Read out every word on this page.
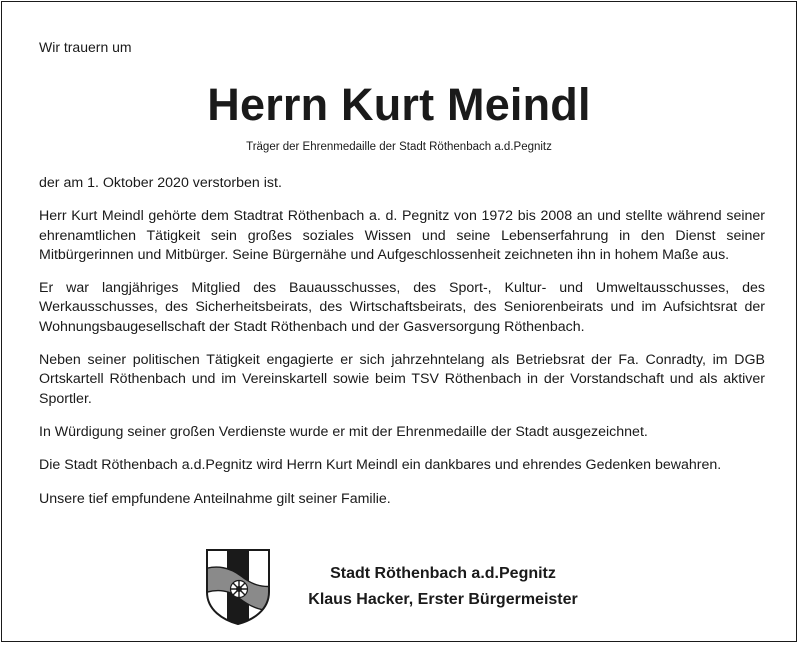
Wir trauern um
Herrn Kurt Meindl
Träger der Ehrenmedaille der Stadt Röthenbach a.d.Pegnitz

der am 1. Oktober 2020 verstorben ist.

Herr Kurt Meindl gehörte dem Stadtrat Röthenbach a. d. Pegnitz von 1972 bis 2008 an und stellte während seiner ehrenamtlichen Tätigkeit sein großes soziales Wissen und seine Lebenserfahrung in den Dienst seiner Mitbürgerinnen und Mitbürger. Seine Bürgernähe und Aufgeschlossenheit zeichneten ihn in hohem Maße aus.

Er war langjähriges Mitglied des Bauausschusses, des Sport-, Kultur- und Umweltausschusses, des Werkausschusses, des Sicherheitsbeirats, des Wirtschaftsbeirats, des Seniorenbeirats und im Aufsichtsrat der Wohnungsbaugesellschaft der Stadt Röthenbach und der Gasversorgung Röthenbach.

Neben seiner politischen Tätigkeit engagierte er sich jahrzehntelang als Betriebsrat der Fa. Conradty, im DGB Ortskartell Röthenbach und im Vereinskartell sowie beim TSV Röthenbach in der Vorstandschaft und als aktiver Sportler.

In Würdigung seiner großen Verdienste wurde er mit der Ehrenmedaille der Stadt ausgezeichnet.

Die Stadt Röthenbach a.d.Pegnitz wird Herrn Kurt Meindl ein dankbares und ehrendes Gedenken bewahren.

Unsere tief empfundene Anteilnahme gilt seiner Familie.

Stadt Röthenbach a.d.Pegnitz
Klaus Hacker, Erster Bürgermeister
